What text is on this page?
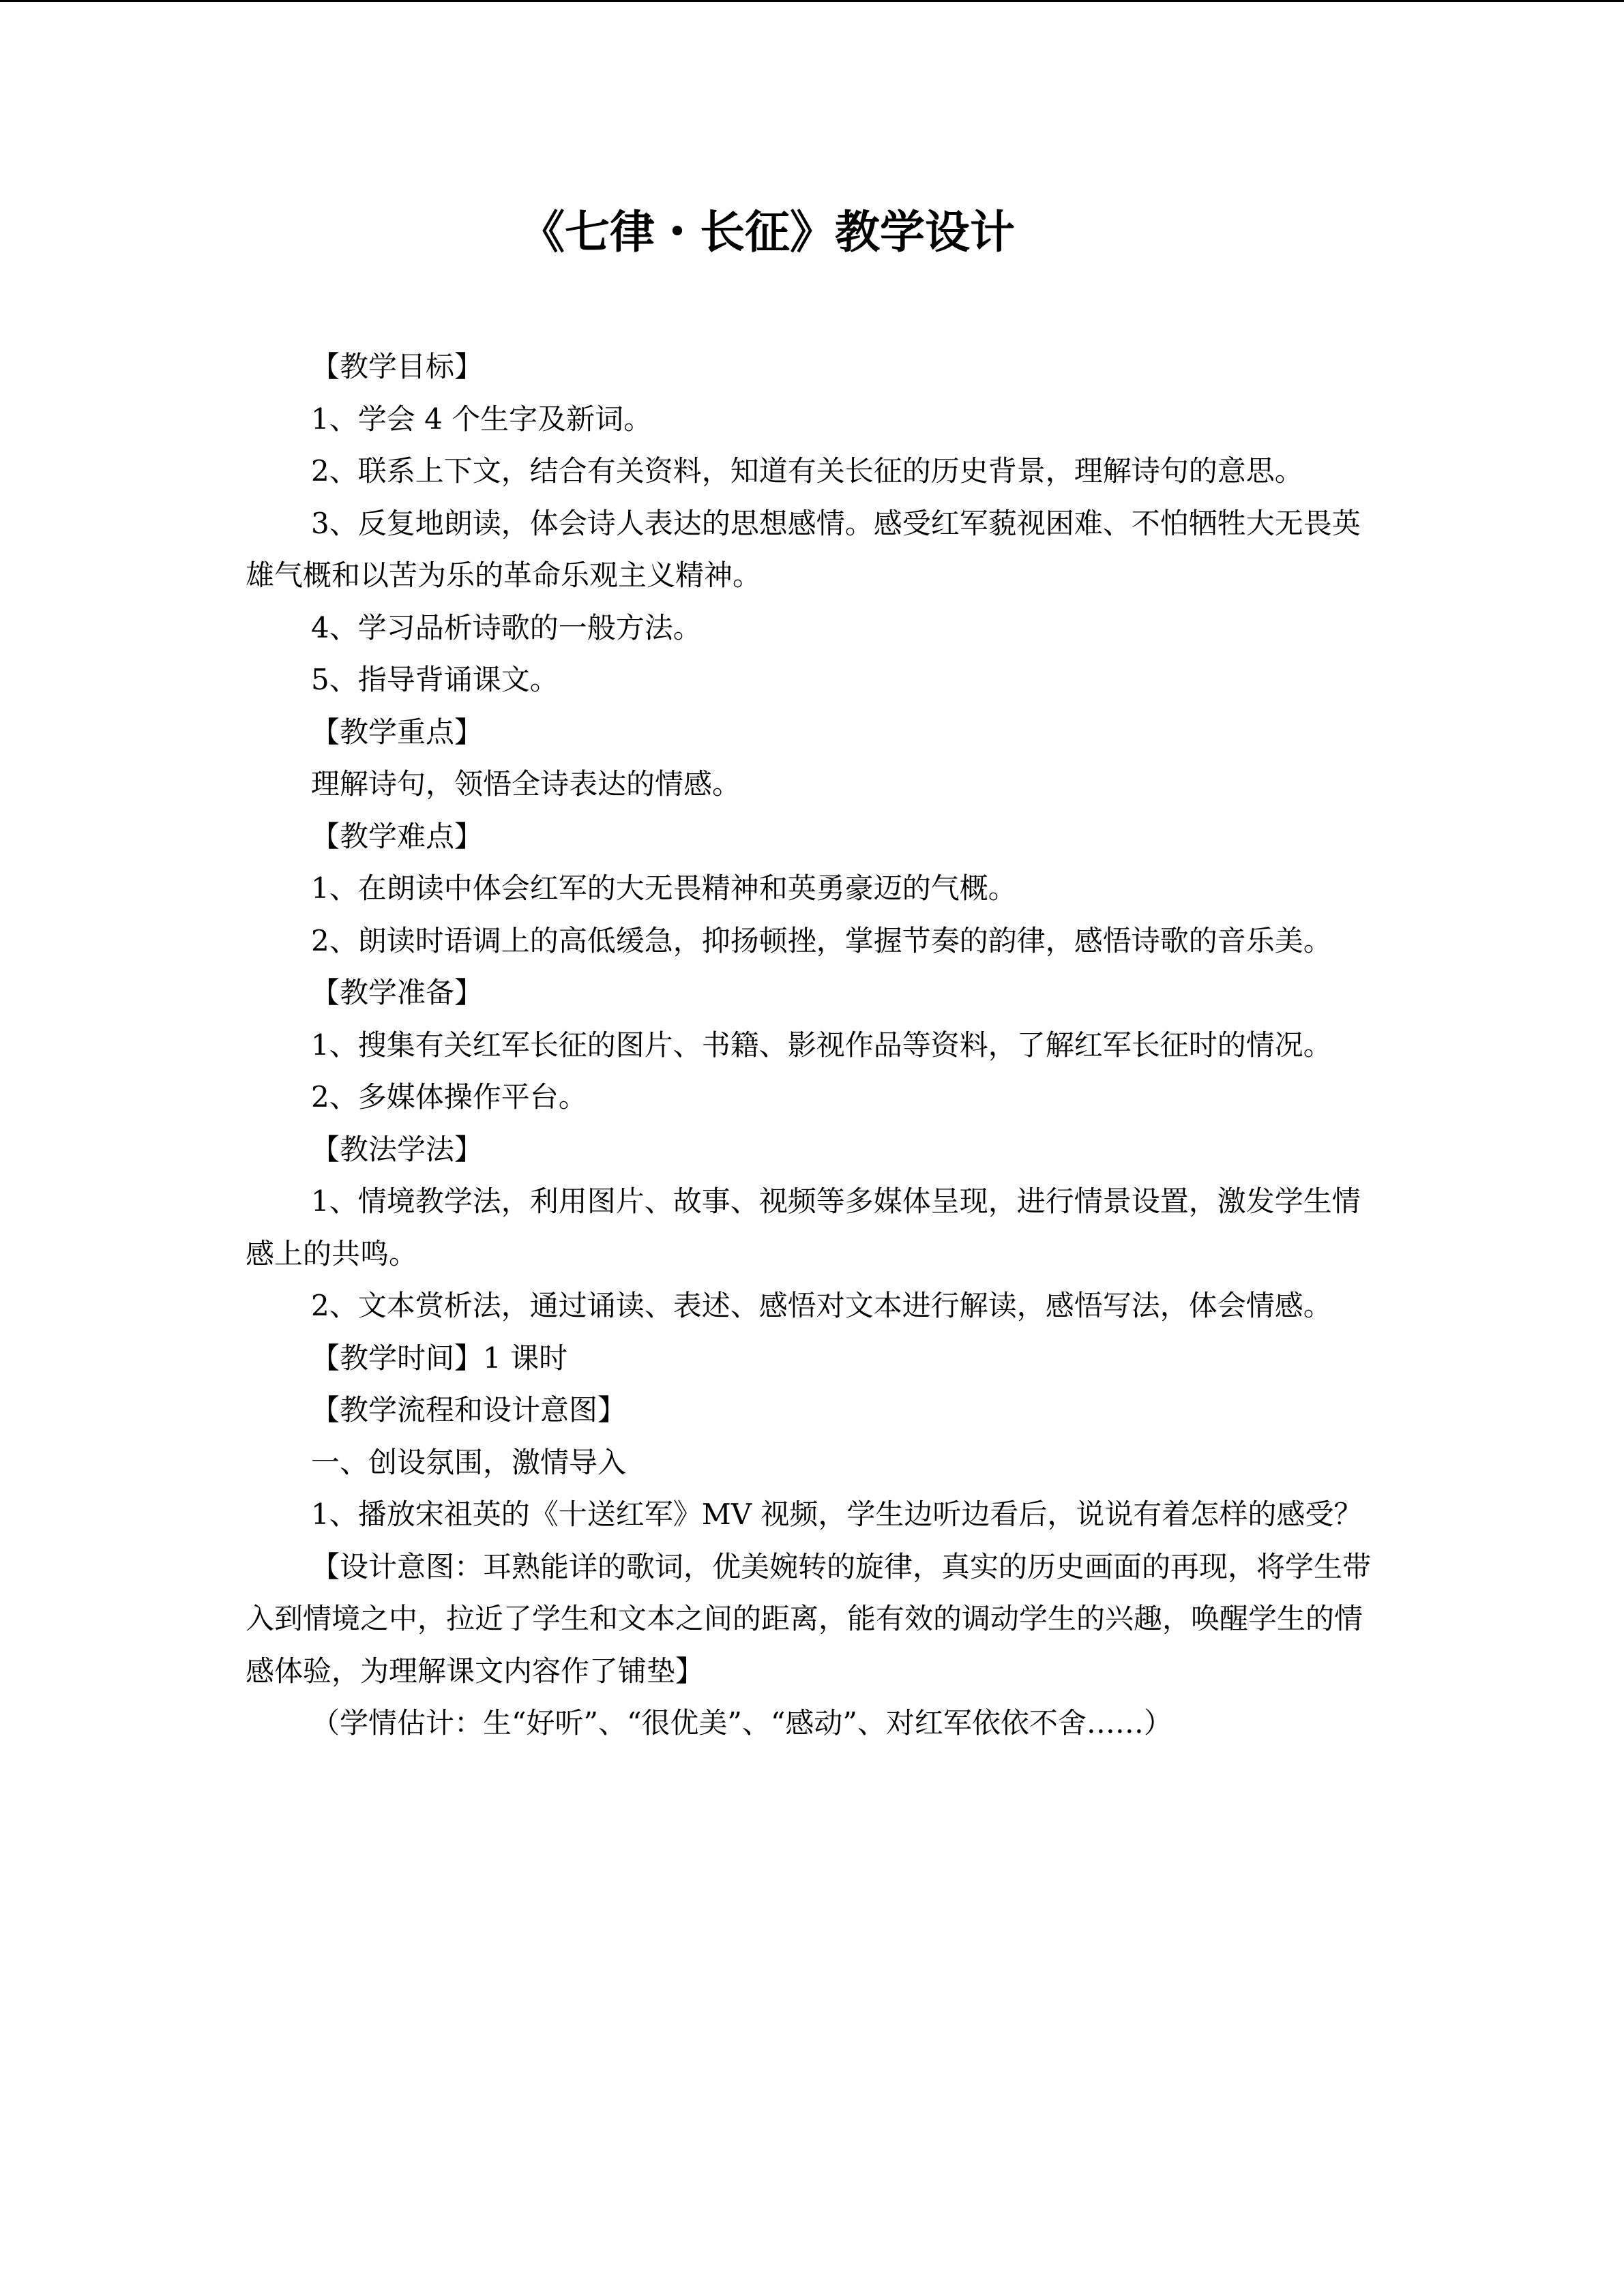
《七律・长征》教学设计

【教学目标】

1、学会 4 个生字及新词。

2、联系上下文，结合有关资料，知道有关长征的历史背景，理解诗句的意思。

3、反复地朗读，体会诗人表达的思想感情。感受红军藐视困难、不怕牺牲大无畏英雄气概和以苦为乐的革命乐观主义精神。

4、学习品析诗歌的一般方法。

5、指导背诵课文。

【教学重点】

理解诗句，领悟全诗表达的情感。

【教学难点】

1、在朗读中体会红军的大无畏精神和英勇豪迈的气概。

2、朗读时语调上的高低缓急，抑扬顿挫，掌握节奏的韵律，感悟诗歌的音乐美。

【教学准备】

1、搜集有关红军长征的图片、书籍、影视作品等资料，了解红军长征时的情况。

2、多媒体操作平台。

【教法学法】

1、情境教学法，利用图片、故事、视频等多媒体呈现，进行情景设置，激发学生情感上的共鸣。

2、文本赏析法，通过诵读、表述、感悟对文本进行解读，感悟写法，体会情感。

【教学时间】1 课时

【教学流程和设计意图】

一、创设氛围，激情导入

1、播放宋祖英的《十送红军》MV 视频，学生边听边看后，说说有着怎样的感受？

【设计意图：耳熟能详的歌词，优美婉转的旋律，真实的历史画面的再现，将学生带入到情境之中，拉近了学生和文本之间的距离，能有效的调动学生的兴趣，唤醒学生的情感体验，为理解课文内容作了铺垫】

（学情估计：生“好听”、“很优美”、“感动”、对红军依依不舍……）
